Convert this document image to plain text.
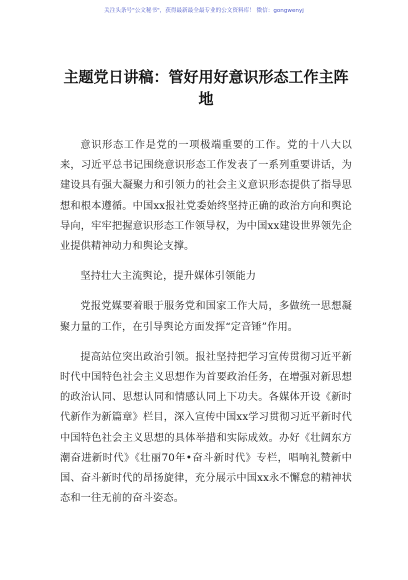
关注头条号"公文秘书"，获得最新最全最专业的公文资料库！ 微信：gongwenyj
主题党日讲稿：管好用好意识形态工作主阵地

意识形态工作是党的一项极端重要的工作。党的十八大以来，习近平总书记围绕意识形态工作发表了一系列重要讲话，为建设具有强大凝聚力和引领力的社会主义意识形态提供了指导思想和根本遵循。中国xx报社党委始终坚持正确的政治方向和舆论导向，牢牢把握意识形态工作领导权，为中国xx建设世界领先企业提供精神动力和舆论支撑。

坚持壮大主流舆论，提升媒体引领能力

党报党媒要着眼于服务党和国家工作大局，多做统一思想凝聚力量的工作，在引导舆论方面发挥“定音锤”作用。

提高站位突出政治引领。报社坚持把学习宣传贯彻习近平新时代中国特色社会主义思想作为首要政治任务，在增强对新思想的政治认同、思想认同和情感认同上下功夫。各媒体开设《新时代新作为新篇章》栏目，深入宣传中国xx学习贯彻习近平新时代中国特色社会主义思想的具体举措和实际成效。办好《壮阔东方潮奋进新时代》《壮丽70年•奋斗新时代》专栏，唱响礼赞新中国、奋斗新时代的昂扬旋律，充分展示中国xx永不懈怠的精神状态和一往无前的奋斗姿态。
